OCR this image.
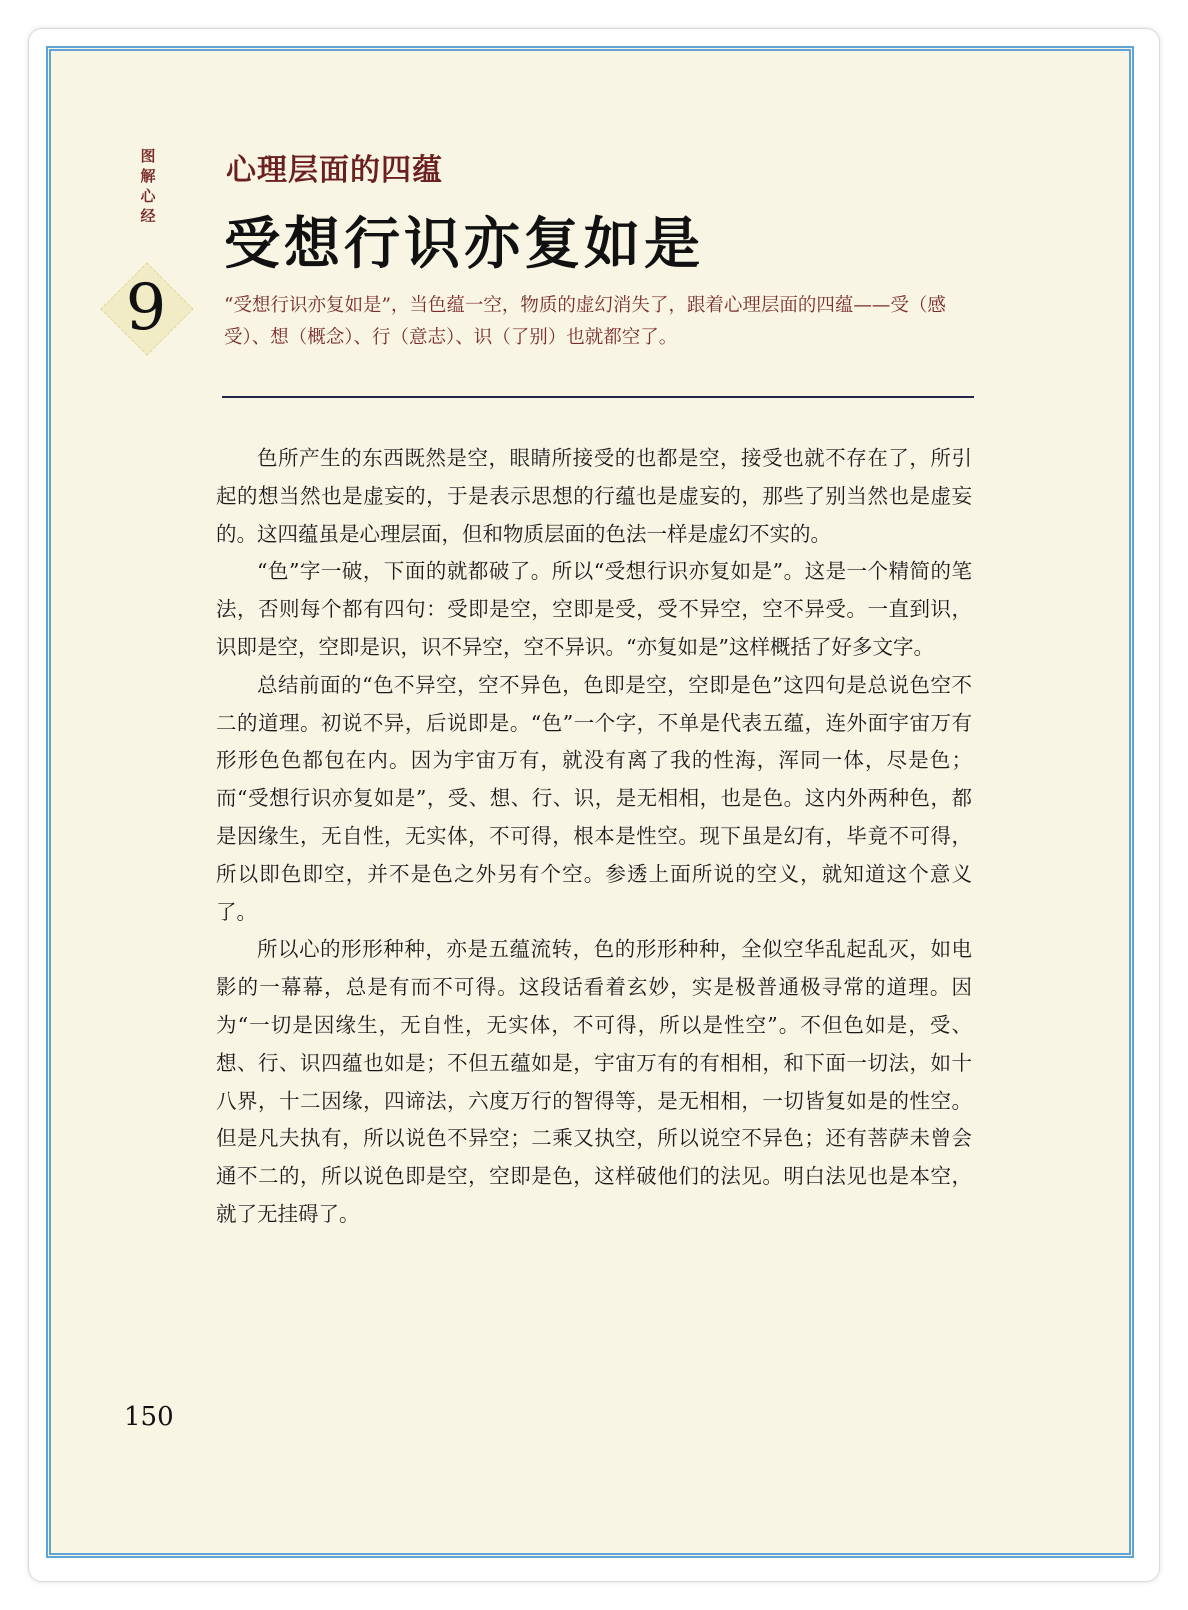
图解心经
9
心理层面的四蕴
受想行识亦复如是
“受想行识亦复如是”，当色蕴一空，物质的虚幻消失了，跟着心理层面的四蕴——受（感受）、想（概念）、行（意志）、识（了别）也就都空了。

色所产生的东西既然是空，眼睛所接受的也都是空，接受也就不存在了，所引起的想当然也是虚妄的，于是表示思想的行蕴也是虚妄的，那些了别当然也是虚妄的。这四蕴虽是心理层面，但和物质层面的色法一样是虚幻不实的。

“色”字一破，下面的就都破了。所以“受想行识亦复如是”。这是一个精简的笔法，否则每个都有四句：受即是空，空即是受，受不异空，空不异受。一直到识，识即是空，空即是识，识不异空，空不异识。“亦复如是”这样概括了好多文字。

总结前面的“色不异空，空不异色，色即是空，空即是色”这四句是总说色空不二的道理。初说不异，后说即是。“色”一个字，不单是代表五蕴，连外面宇宙万有形形色色都包在内。因为宇宙万有，就没有离了我的性海，浑同一体，尽是色；而“受想行识亦复如是”，受、想、行、识，是无相相，也是色。这内外两种色，都是因缘生，无自性，无实体，不可得，根本是性空。现下虽是幻有，毕竟不可得，所以即色即空，并不是色之外另有个空。参透上面所说的空义，就知道这个意义了。

所以心的形形种种，亦是五蕴流转，色的形形种种，全似空华乱起乱灭，如电影的一幕幕，总是有而不可得。这段话看着玄妙，实是极普通极寻常的道理。因为“一切是因缘生，无自性，无实体，不可得，所以是性空”。不但色如是，受、想、行、识四蕴也如是；不但五蕴如是，宇宙万有的有相相，和下面一切法，如十八界，十二因缘，四谛法，六度万行的智得等，是无相相，一切皆复如是的性空。但是凡夫执有，所以说色不异空；二乘又执空，所以说空不异色；还有菩萨未曾会通不二的，所以说色即是空，空即是色，这样破他们的法见。明白法见也是本空，就了无挂碍了。

150
